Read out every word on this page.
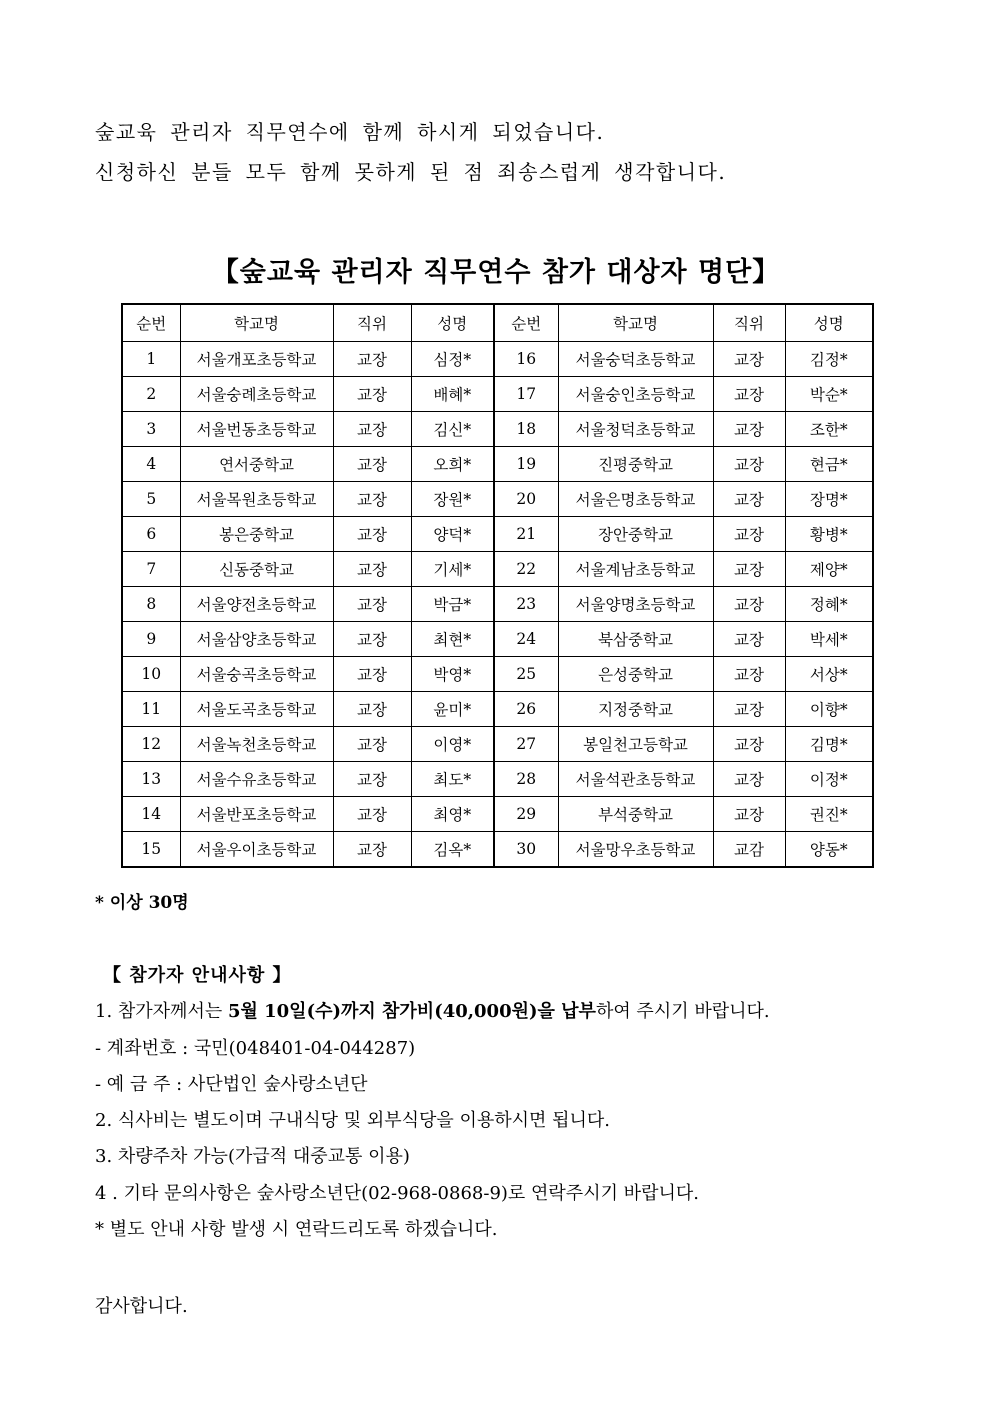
숲교육 관리자 직무연수에 함께 하시게 되었습니다.

신청하신 분들 모두 함께 못하게 된 점 죄송스럽게 생각합니다.

【숲교육 관리자 직무연수 참가 대상자 명단】
순번	학교명	직위	성명	순번	학교명	직위	성명
1	서울개포초등학교	교장	심정*	16	서울숭덕초등학교	교장	김정*
2	서울숭례초등학교	교장	배혜*	17	서울숭인초등학교	교장	박순*
3	서울번동초등학교	교장	김신*	18	서울청덕초등학교	교장	조한*
4	연서중학교	교장	오희*	19	진평중학교	교장	현금*
5	서울목원초등학교	교장	장원*	20	서울은명초등학교	교장	장명*
6	봉은중학교	교장	양덕*	21	장안중학교	교장	황병*
7	신동중학교	교장	기세*	22	서울계남초등학교	교장	제양*
8	서울양전초등학교	교장	박금*	23	서울양명초등학교	교장	정혜*
9	서울삼양초등학교	교장	최현*	24	북삼중학교	교장	박세*
10	서울숭곡초등학교	교장	박영*	25	은성중학교	교장	서상*
11	서울도곡초등학교	교장	윤미*	26	지정중학교	교장	이향*
12	서울녹천초등학교	교장	이영*	27	봉일천고등학교	교장	김명*
13	서울수유초등학교	교장	최도*	28	서울석관초등학교	교장	이정*
14	서울반포초등학교	교장	최영*	29	부석중학교	교장	권진*
15	서울우이초등학교	교장	김옥*	30	서울망우초등학교	교감	양동*
* 이상 30명

【 참가자 안내사항 】

1. 참가자께서는 5월 10일(수)까지 참가비(40,000원)을 납부하여 주시기 바랍니다.

- 계좌번호 : 국민(048401-04-044287)

- 예 금 주 : 사단법인 숲사랑소년단

2. 식사비는 별도이며 구내식당 및 외부식당을 이용하시면 됩니다.

3. 차량주차 가능(가급적 대중교통 이용)

4 . 기타 문의사항은 숲사랑소년단(02-968-0868-9)로 연락주시기 바랍니다.

* 별도 안내 사항 발생 시 연락드리도록 하겠습니다.

감사합니다.
